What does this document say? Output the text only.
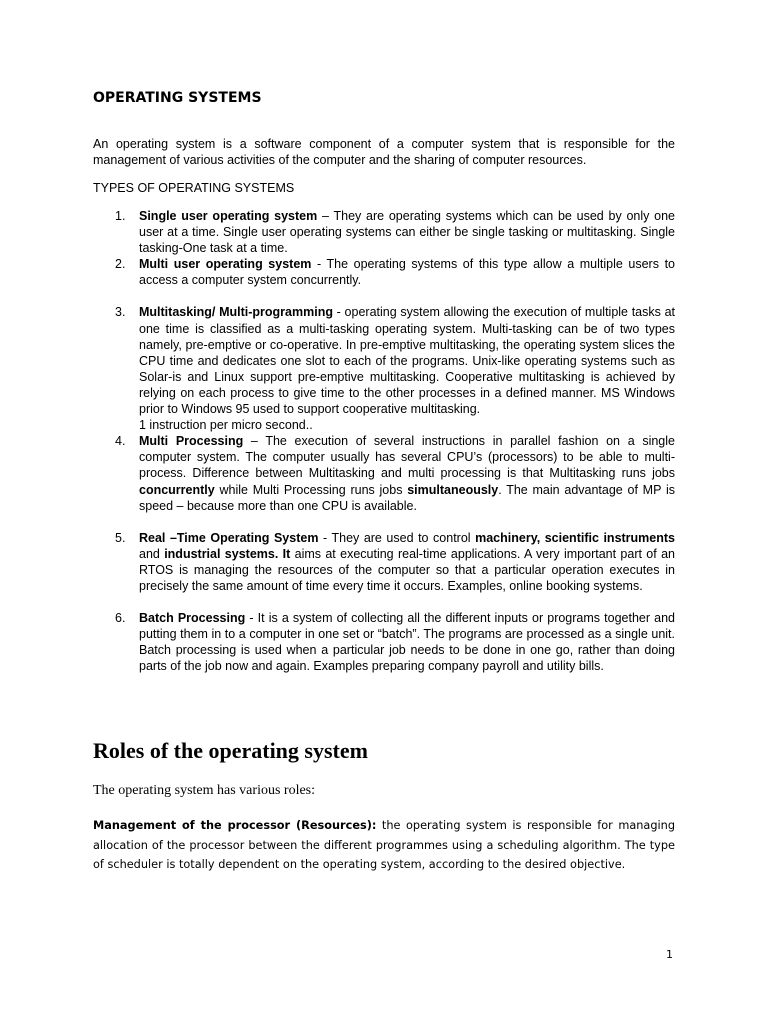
OPERATING SYSTEMS

An operating system is a software component of a computer system that is responsible for the management of various activities of the computer and the sharing of computer resources.

TYPES OF OPERATING SYSTEMS
1. Single user operating system – They are operating systems which can be used by only one user at a time. Single user operating systems can either be single tasking or multitasking. Single tasking-One task at a time.
2. Multi user operating system - The operating systems of this type allow a multiple users to access a computer system concurrently.
3. Multitasking/ Multi-programming - operating system allowing the execution of multiple tasks at one time is classified as a multi-tasking operating system. Multi-tasking can be of two types namely, pre-emptive or co-operative. In pre-emptive multitasking, the operating system slices the CPU time and dedicates one slot to each of the programs. Unix-like operating systems such as Solar-is and Linux support pre-emptive multitasking. Cooperative multitasking is achieved by relying on each process to give time to the other processes in a defined manner. MS Windows prior to Windows 95 used to support cooperative multitasking.
1 instruction per micro second..
4. Multi Processing – The execution of several instructions in parallel fashion on a single computer system. The computer usually has several CPU’s (processors) to be able to multi-process. Difference between Multitasking and multi processing is that Multitasking runs jobs concurrently while Multi Processing runs jobs simultaneously. The main advantage of MP is speed – because more than one CPU is available.
5. Real –Time Operating System - They are used to control machinery, scientific instruments and industrial systems. It aims at executing real-time applications. A very important part of an RTOS is managing the resources of the computer so that a particular operation executes in precisely the same amount of time every time it occurs. Examples, online booking systems.
6. Batch Processing - It is a system of collecting all the different inputs or programs together and putting them in to a computer in one set or “batch”. The programs are processed as a single unit. Batch processing is used when a particular job needs to be done in one go, rather than doing parts of the job now and again. Examples preparing company payroll and utility bills.
Roles of the operating system

The operating system has various roles:

Management of the processor (Resources): the operating system is responsible for managing allocation of the processor between the different programmes using a scheduling algorithm. The type of scheduler is totally dependent on the operating system, according to the desired objective.

1
